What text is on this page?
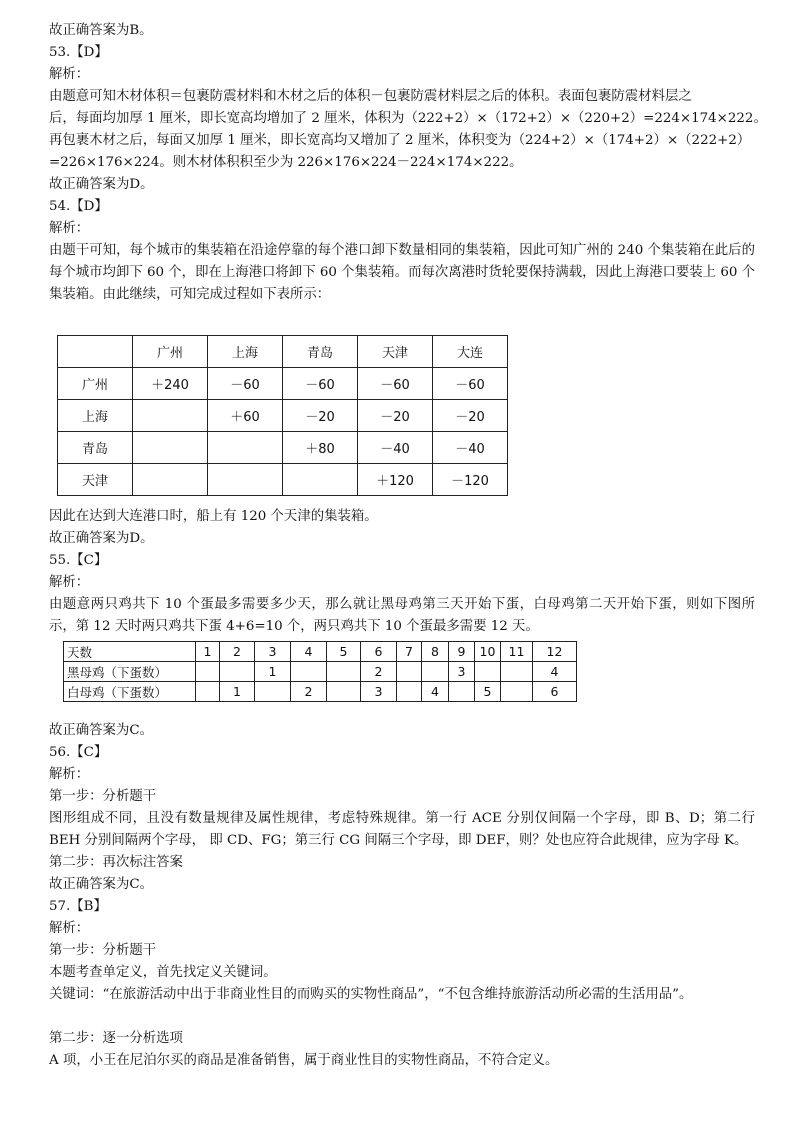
故正确答案为B。
53.【D】
解析：
由题意可知木材体积＝包裹防震材料和木材之后的体积－包裹防震材料层之后的体积。表面包裹防震材料层之
后，每面均加厚 1 厘米，即长宽高均增加了 2 厘米，体积为（222+2）×（172+2）×（220+2）=224×174×222。
再包裹木材之后，每面又加厚 1 厘米，即长宽高均又增加了 2 厘米，体积变为（224+2）×（174+2）×（222+2）
=226×176×224。则木材体积积至少为 226×176×224－224×174×222。
故正确答案为D。
54.【D】
解析：
由题干可知，每个城市的集装箱在沿途停靠的每个港口卸下数量相同的集装箱，因此可知广州的 240 个集装箱在此后的每个城市均卸下 60 个，即在上海港口将卸下 60 个集装箱。而每次离港时货轮要保持满载，因此上海港口要装上 60 个集装箱。由此继续，可知完成过程如下表所示：
	广州	上海	青岛	天津	大连
广州	＋240	－60	－60	－60	－60
上海		＋60	－20	－20	－20
青岛			＋80	－40	－40
天津				＋120	－120
因此在达到大连港口时，船上有 120 个天津的集装箱。
故正确答案为D。
55.【C】
解析：
由题意两只鸡共下 10 个蛋最多需要多少天，那么就让黑母鸡第三天开始下蛋，白母鸡第二天开始下蛋，则如下图所示，第 12 天时两只鸡共下蛋 4+6=10 个，两只鸡共下 10 个蛋最多需要 12 天。
天数	1	2	3	4	5	6	7	8	9	10	11	12
黑母鸡（下蛋数）			1			2			3			4
白母鸡（下蛋数）		1		2		3		4		5		6
故正确答案为C。
56.【C】
解析：
第一步：分析题干
图形组成不同，且没有数量规律及属性规律，考虑特殊规律。第一行 ACE 分别仅间隔一个字母，即 B、D；第二行 BEH 分别间隔两个字母， 即 CD、FG；第三行 CG 间隔三个字母，即 DEF，则？处也应符合此规律，应为字母 K。
第二步：再次标注答案
故正确答案为C。
57.【B】
解析：
第一步：分析题干
本题考查单定义，首先找定义关键词。
关键词：“在旅游活动中出于非商业性目的而购买的实物性商品”，“不包含维持旅游活动所必需的生活用品”。
第二步：逐一分析选项
A 项，小王在尼泊尔买的商品是准备销售，属于商业性目的实物性商品，不符合定义。
